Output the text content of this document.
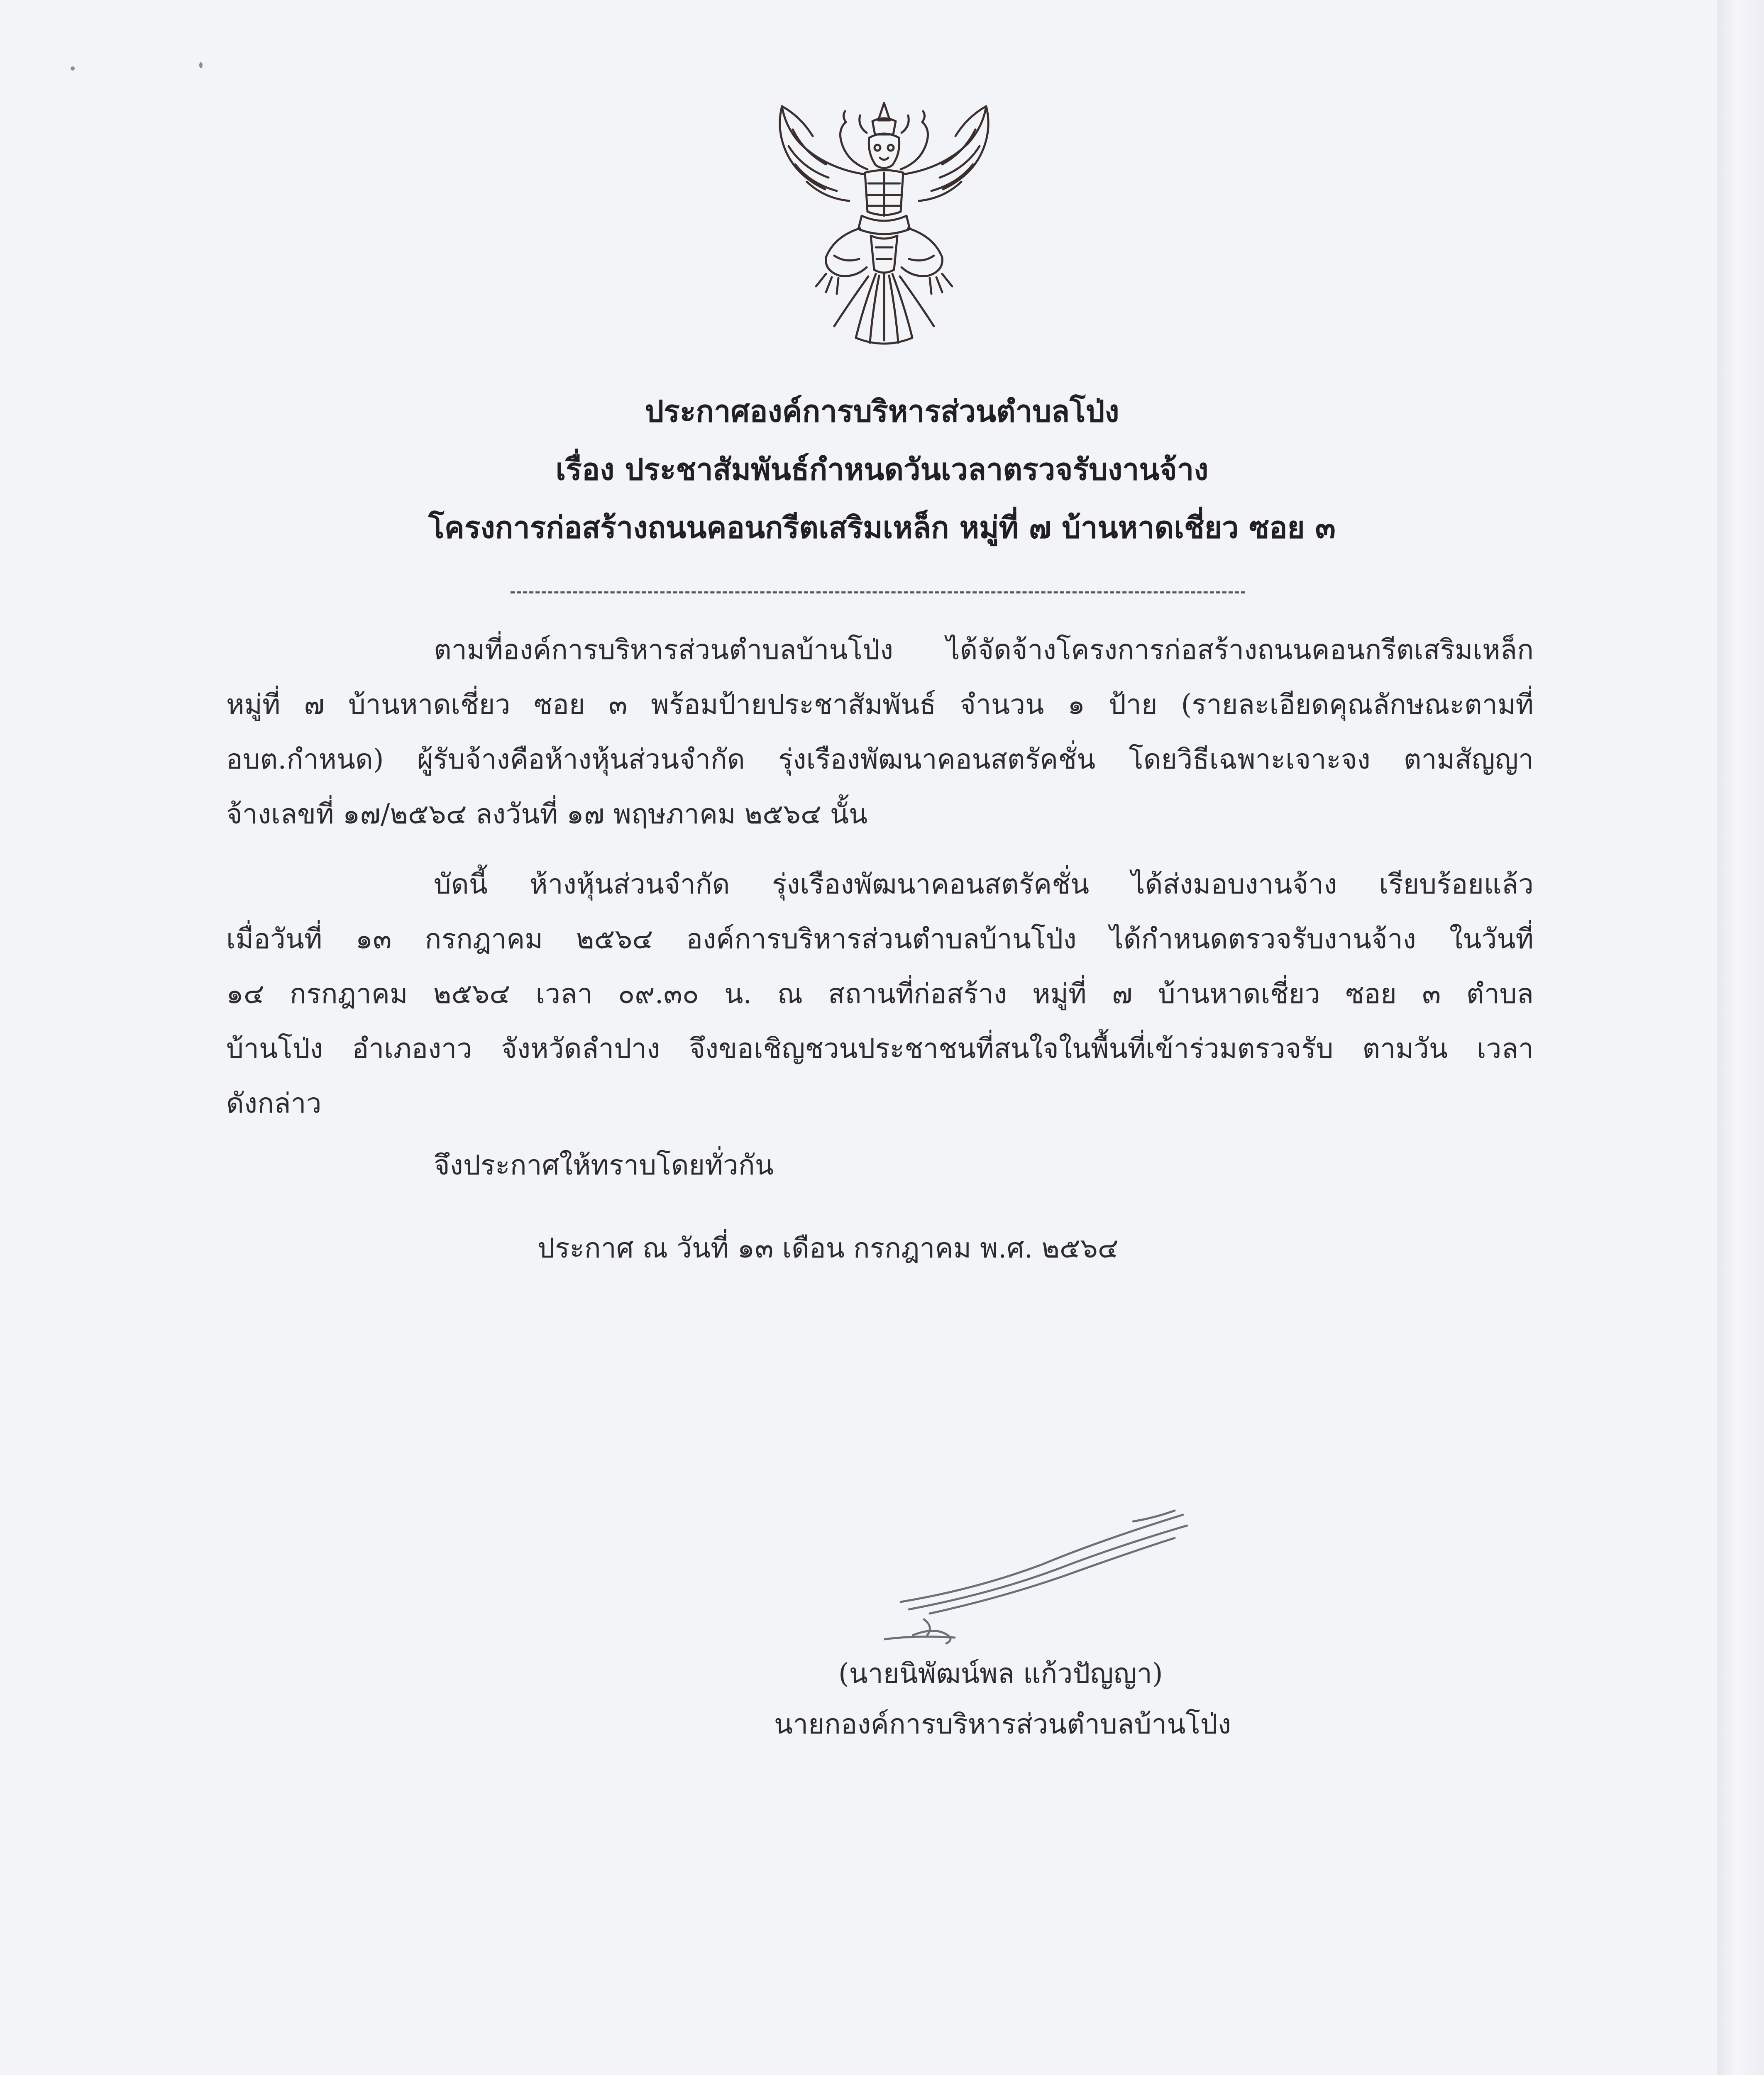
ประกาศองค์การบริหารส่วนตำบลโป่ง
เรื่อง ประชาสัมพันธ์กำหนดวันเวลาตรวจรับงานจ้าง
โครงการก่อสร้างถนนคอนกรีตเสริมเหล็ก หมู่ที่ ๗ บ้านหาดเชี่ยว ซอย ๓
ตามที่องค์การบริหารส่วนตำบลบ้านโป่ง ได้จัดจ้างโครงการก่อสร้างถนนคอนกรีตเสริมเหล็ก
หมู่ที่ ๗ บ้านหาดเชี่ยว ซอย ๓ พร้อมป้ายประชาสัมพันธ์ จำนวน ๑ ป้าย (รายละเอียดคุณลักษณะตามที่
อบต.กำหนด) ผู้รับจ้างคือห้างหุ้นส่วนจำกัด รุ่งเรืองพัฒนาคอนสตรัคชั่น โดยวิธีเฉพาะเจาะจง ตามสัญญา
จ้างเลขที่ ๑๗/๒๕๖๔ ลงวันที่ ๑๗ พฤษภาคม ๒๕๖๔ นั้น
บัดนี้ ห้างหุ้นส่วนจำกัด รุ่งเรืองพัฒนาคอนสตรัคชั่น ได้ส่งมอบงานจ้าง เรียบร้อยแล้ว
เมื่อวันที่ ๑๓ กรกฎาคม ๒๕๖๔ องค์การบริหารส่วนตำบลบ้านโป่ง ได้กำหนดตรวจรับงานจ้าง ในวันที่
๑๔ กรกฎาคม ๒๕๖๔ เวลา ๐๙.๓๐ น. ณ สถานที่ก่อสร้าง หมู่ที่ ๗ บ้านหาดเชี่ยว ซอย ๓ ตำบล
บ้านโป่ง อำเภองาว จังหวัดลำปาง จึงขอเชิญชวนประชาชนที่สนใจในพื้นที่เข้าร่วมตรวจรับ ตามวัน เวลา
ดังกล่าว
จึงประกาศให้ทราบโดยทั่วกัน
ประกาศ ณ วันที่ ๑๓ เดือน กรกฎาคม พ.ศ. ๒๕๖๔
(นายนิพัฒน์พล แก้วปัญญา)
นายกองค์การบริหารส่วนตำบลบ้านโป่ง
